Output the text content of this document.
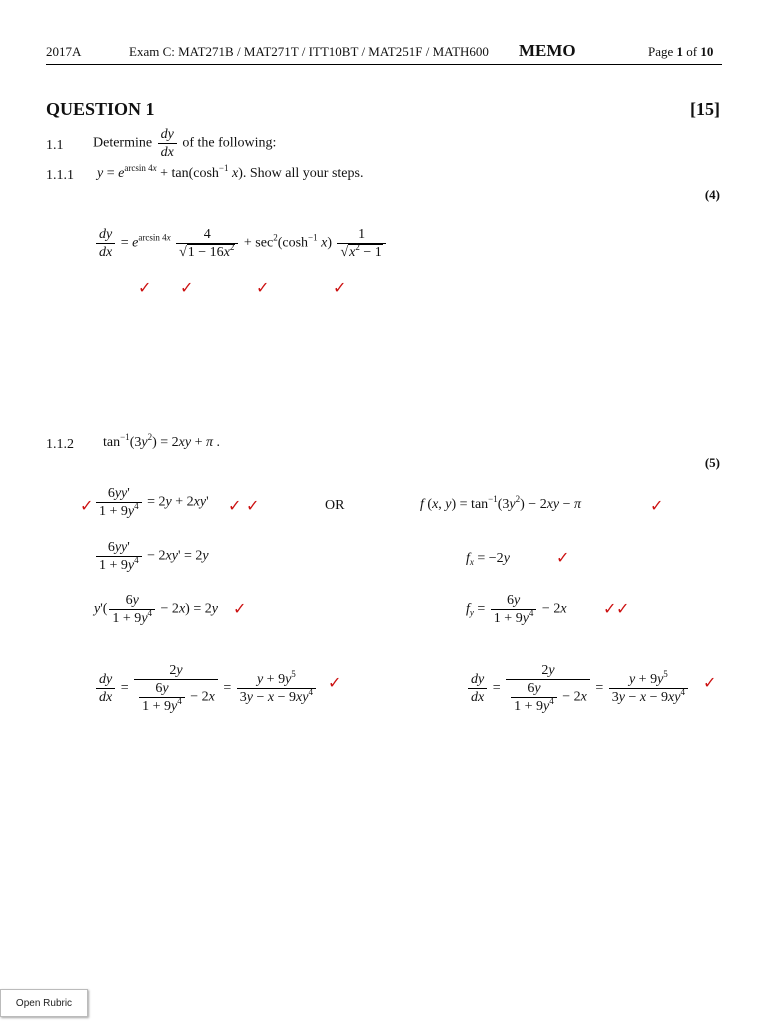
2017A	Exam C: MAT271B / MAT271T / ITT10BT / MAT251F / MATH600 MEMO	Page 1 of 10
QUESTION 1	[15]
1.1 Determine $\frac{dy}{dx}$ of the following:
1.1.1 $y = e^{arcsin 4x} + \tan(\cosh^{-1}$ x). Show all your steps.
(4)
$\frac{dy}{dx} = e^{arcsin 4x} \frac{4}{√1 - 16x^2} + \sec^2(\cosh^{-1}$ $x) \frac{1}{√x^2 - 1}$
✓ ✓	✓	✓
1.1.2 $\tan^{-1}(3y^2) = 2xy + \pi$ .
(5)
✓ $\frac{6yy'}{1 + 9y^4} = 2y + 2xy'$ ✓ ✓	OR
$\frac{6yy'}{1 + 9y^4} - 2xy' = 2y$
$y'( \frac{6y}{1 + 9y^4} - 2x) = 2y$ ✓
$\frac{dy}{dx} = \frac{2y}{\frac{6y}{1 + 9y^4} - 2x} = \frac{y + 9y^5}{3y - x - 9xy^4}$ ✓
f (x, $y) = \tan^{-1}(3y^2) - 2xy - \pi$	✓
$f_x = -2y$	✓
$f_y = \frac{6y}{1 + 9y^4} - 2x$ ✓ ✓
$\frac{dy}{dx} = \frac{2y}{\frac{6y}{1 + 9y^4} - 2x} = \frac{y + 9y^5}{3y - x - 9xy^4}$ ✓
Open Rubric
